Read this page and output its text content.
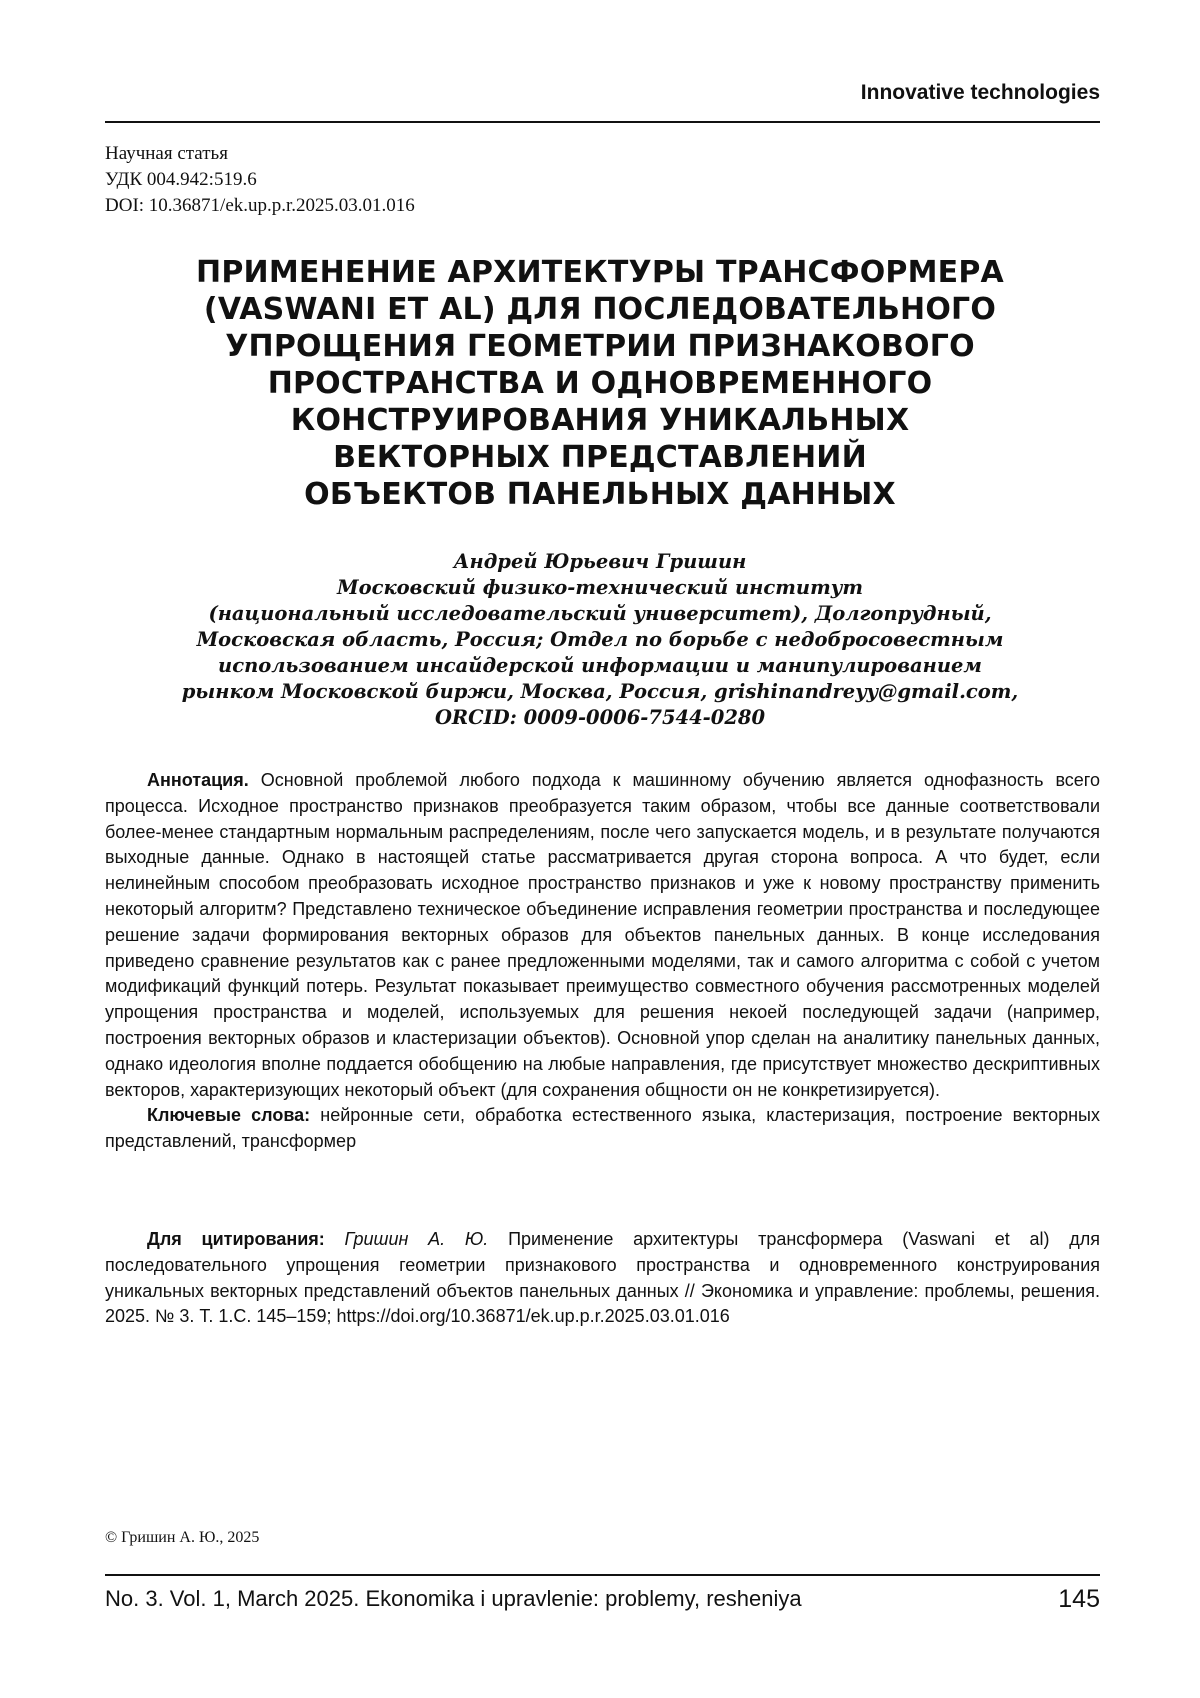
Innovative technologies
Научная статья
УДК 004.942:519.6
DOI: 10.36871/ek.up.p.r.2025.03.01.016
ПРИМЕНЕНИЕ АРХИТЕКТУРЫ ТРАНСФОРМЕРА
(VASWANI ET AL) ДЛЯ ПОСЛЕДОВАТЕЛЬНОГО
УПРОЩЕНИЯ ГЕОМЕТРИИ ПРИЗНАКОВОГО
ПРОСТРАНСТВА И ОДНОВРЕМЕННОГО
КОНСТРУИРОВАНИЯ УНИКАЛЬНЫХ
ВЕКТОРНЫХ ПРЕДСТАВЛЕНИЙ
ОБЪЕКТОВ ПАНЕЛЬНЫХ ДАННЫХ
Андрей Юрьевич Гришин
Московский физико-технический институт
(национальный исследовательский университет), Долгопрудный,
Московская область, Россия; Отдел по борьбе с недобросовестным
использованием инсайдерской информации и манипулированием
рынком Московской биржи, Москва, Россия, grishinandreyy@gmail.com,
ORCID: 0009-0006-7544-0280

Аннотация. Основной проблемой любого подхода к машинному обучению является однофазность всего процесса. Исходное пространство признаков преобразуется таким образом, чтобы все данные соответствовали более-менее стандартным нормальным распределениям, после чего запускается модель, и в результате получаются выходные данные. Однако в настоящей статье рассматривается другая сторона вопроса. А что будет, если нелинейным способом преобразовать исходное пространство признаков и уже к новому пространству применить некоторый алгоритм? Представлено техническое объединение исправления геометрии пространства и последующее решение задачи формирования векторных образов для объектов панельных данных. В конце исследования приведено сравнение результатов как с ранее предложенными моделями, так и самого алгоритма с собой с учетом модификаций функций потерь. Результат показывает преимущество совместного обучения рассмотренных моделей упрощения пространства и моделей, используемых для решения некоей последующей задачи (например, построения векторных образов и кластеризации объектов). Основной упор сделан на аналитику панельных данных, однако идеология вполне поддается обобщению на любые направления, где присутствует множество дескриптивных векторов, характеризующих некоторый объект (для сохранения общности он не конкретизируется).

Ключевые слова: нейронные сети, обработка естественного языка, кластеризация, построение векторных представлений, трансформер

Для цитирования: Гришин А. Ю. Применение архитектуры трансформера (Vaswani et al) для последовательного упрощения геометрии признакового пространства и одновременного конструирования уникальных векторных представлений объектов панельных данных // Экономика и управление: проблемы, решения. 2025. № 3. Т. 1.С. 145–159; https://doi.org/10.36871/ek.up.p.r.2025.03.01.016

© Гришин А. Ю., 2025
No. 3. Vol. 1, March 2025. Ekonomika i upravlenie: problemy, resheniya	145
